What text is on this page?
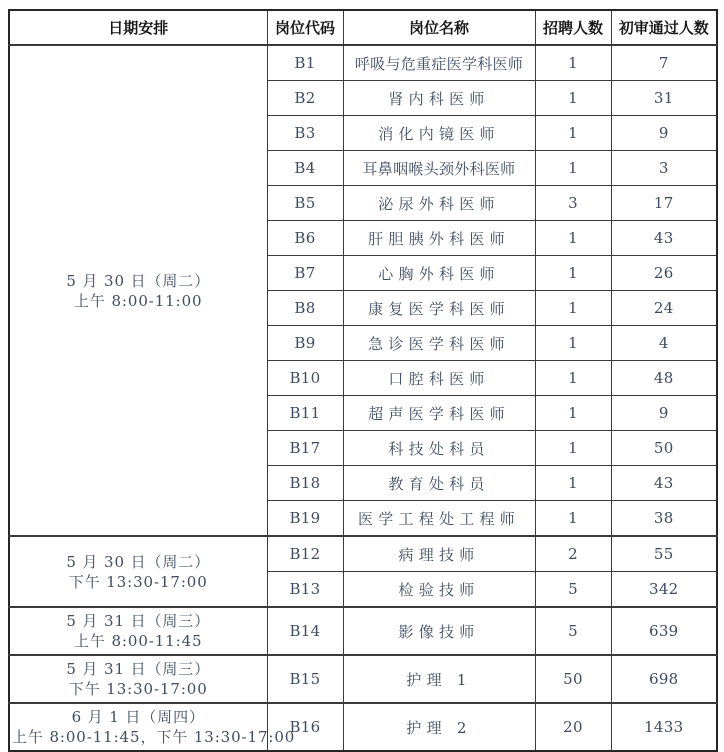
日期安排	岗位代码	岗位名称	招聘人数	初审通过人数

5 月 30 日（周二）
上午 8:00-11:00	B1	呼吸与危重症医学科医师	1	7
	B2	肾内科医师	1	31
	B3	消化内镜医师	1	9
	B4	耳鼻咽喉头颈外科医师	1	3
	B5	泌尿外科医师	3	17
	B6	肝胆胰外科医师	1	43
	B7	心胸外科医师	1	26
	B8	康复医学科医师	1	24
	B9	急诊医学科医师	1	4
	B10	口腔科医师	1	48
	B11	超声医学科医师	1	9
	B17	科技处科员	1	50
	B18	教育处科员	1	43
	B19	医学工程处工程师	1	38

5 月 30 日（周二）
下午 13:30-17:00	B12	病理技师	2	55
	B13	检验技师	5	342

5 月 31 日（周三）
上午 8:00-11:45	B14	影像技师	5	639

5 月 31 日（周三）
下午 13:30-17:00	B15	护理 1	50	698

6 月 1 日（周四）
上午 8:00-11:45，下午 13:30-17:00	B16	护理 2	20	1433
